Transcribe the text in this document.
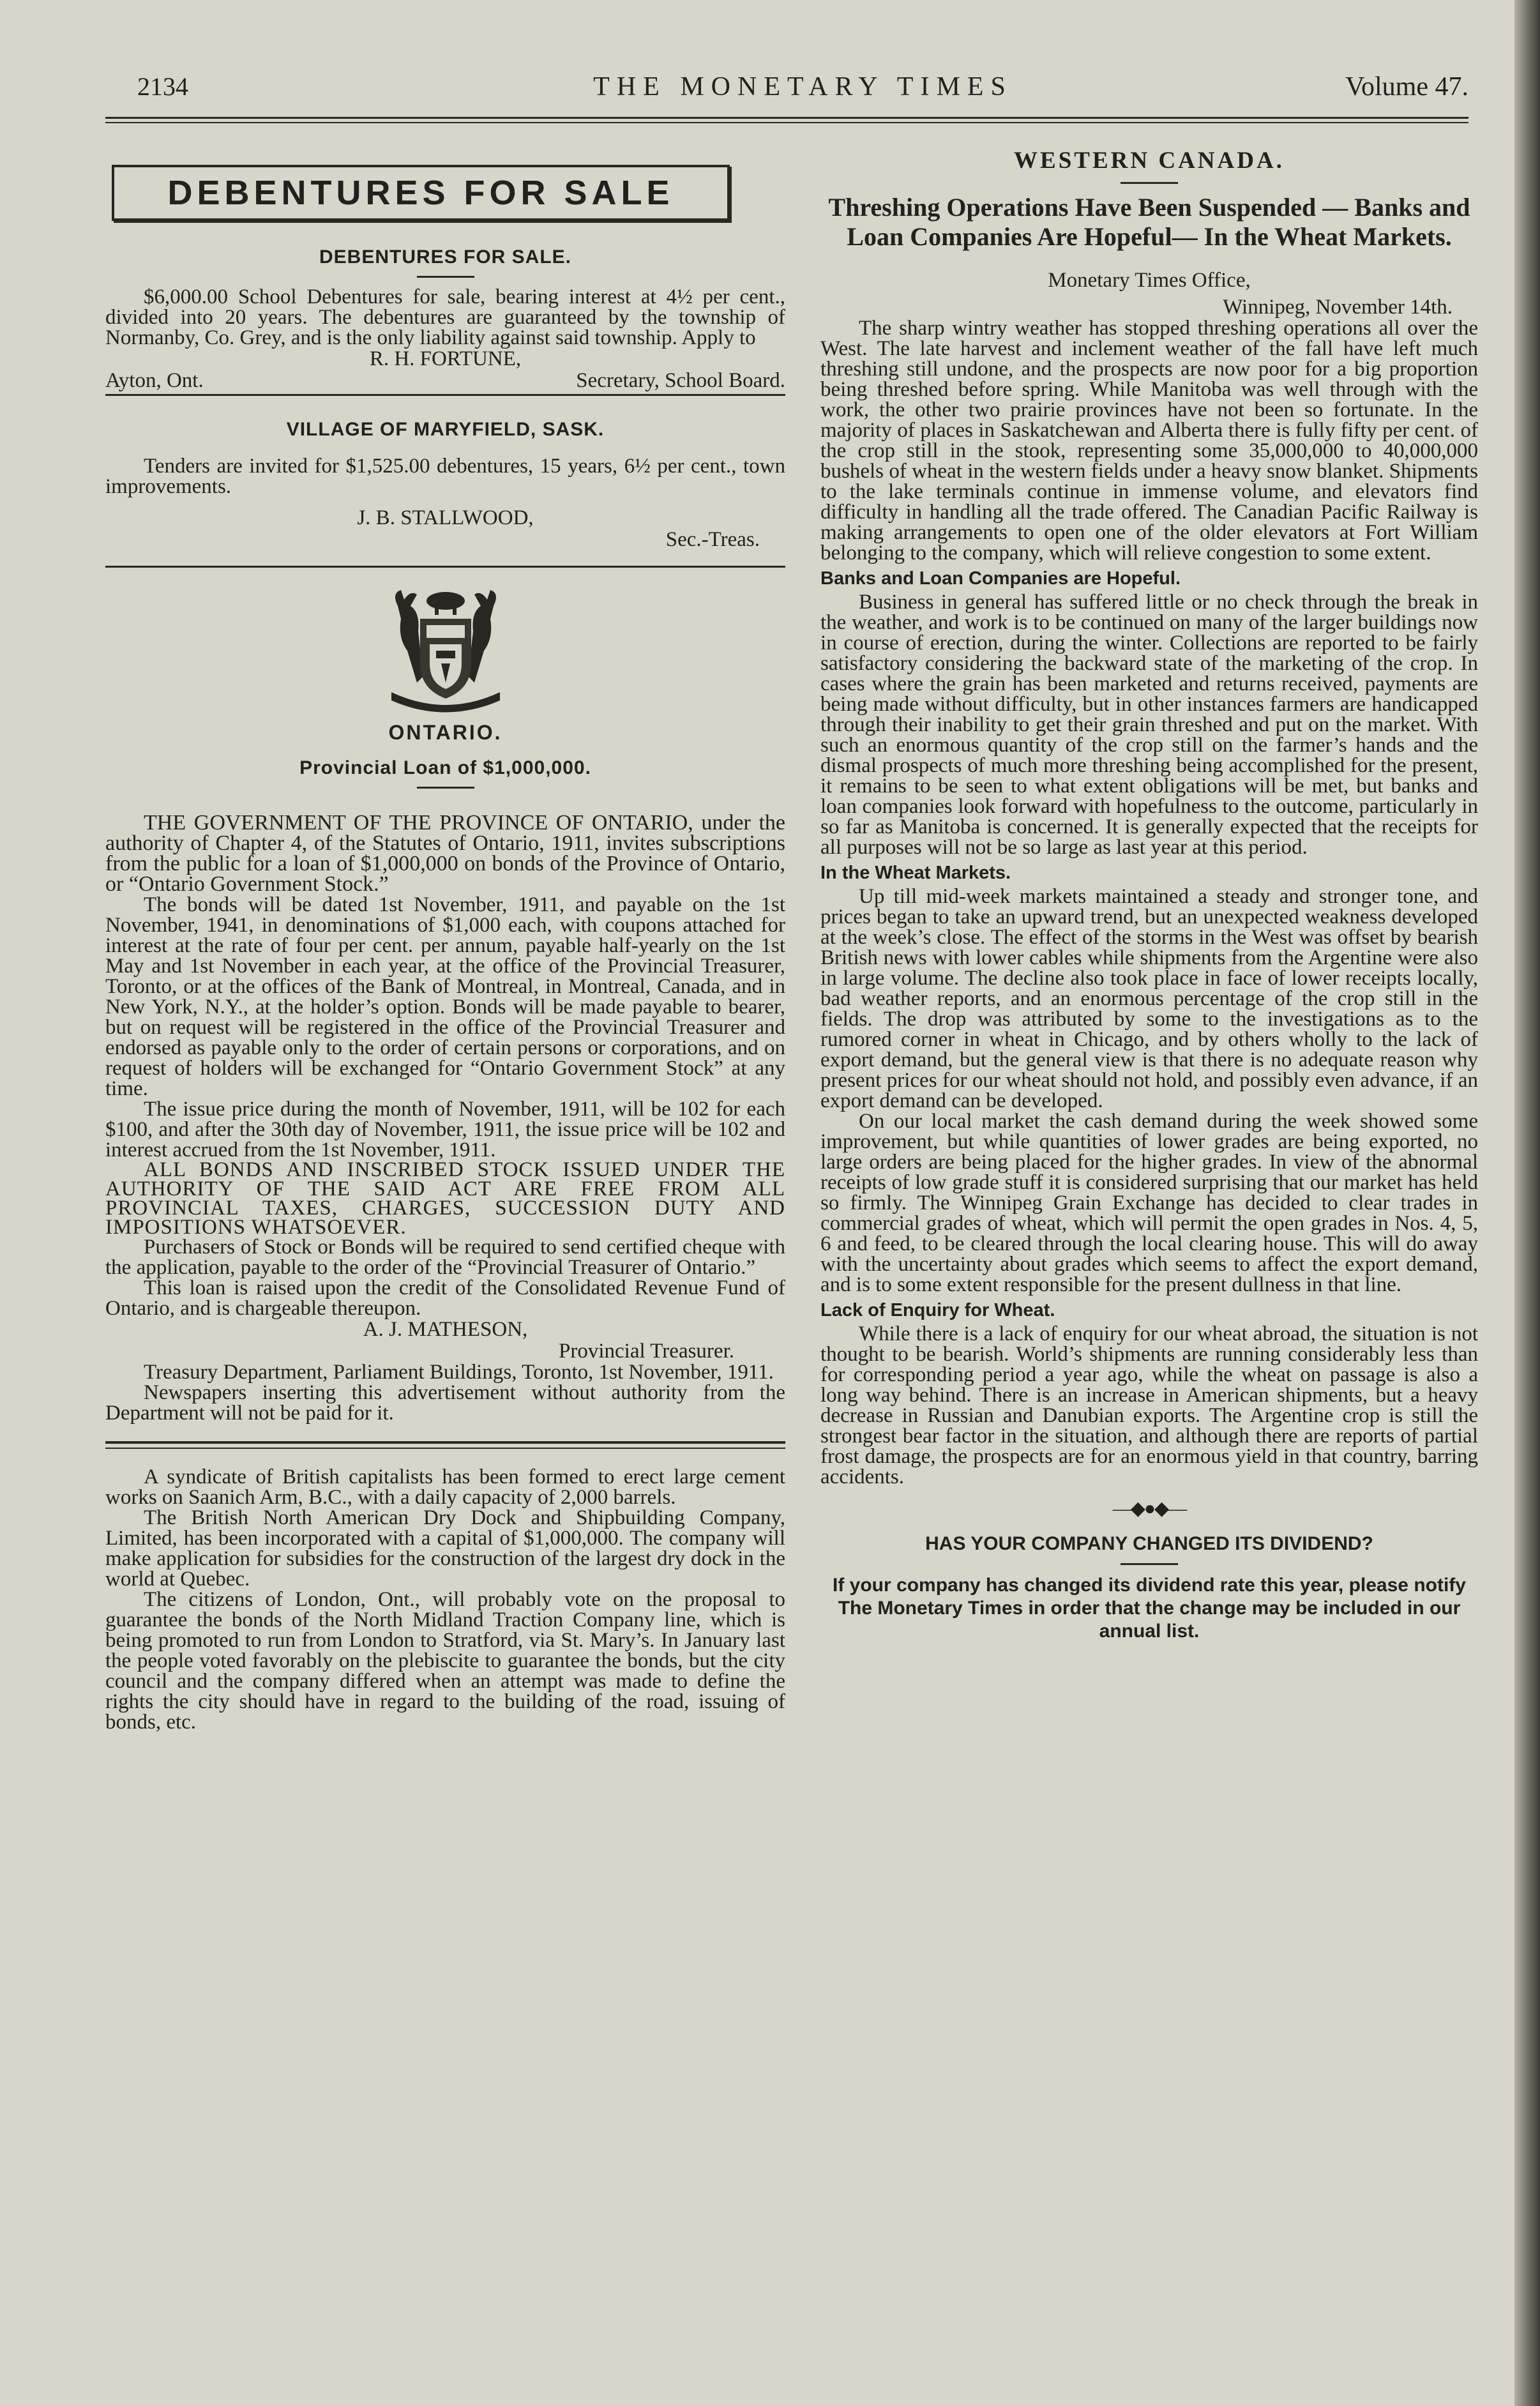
2134	THE MONETARY TIMES	Volume 47.
DEBENTURES FOR SALE
DEBENTURES FOR SALE.

$6,000.00 School Debentures for sale, bearing interest at 4½ per cent., divided into 20 years. The debentures are guaranteed by the township of Normanby, Co. Grey, and is the only liability against said township. Apply to

R. H. FORTUNE,

Ayton, Ont.	Secretary, School Board.
VILLAGE OF MARYFIELD, SASK.

Tenders are invited for $1,525.00 debentures, 15 years, 6½ per cent., town improvements.

J. B. STALLWOOD,

Sec.-Treas.

ONTARIO.
Provincial Loan of $1,000,000.

THE GOVERNMENT OF THE PROVINCE OF ONTARIO, under the authority of Chapter 4, of the Statutes of Ontario, 1911, invites subscriptions from the public for a loan of $1,000,000 on bonds of the Province of Ontario, or “Ontario Government Stock.”

The bonds will be dated 1st November, 1911, and payable on the 1st November, 1941, in denominations of $1,000 each, with coupons attached for interest at the rate of four per cent. per annum, payable half-yearly on the 1st May and 1st November in each year, at the office of the Provincial Treasurer, Toronto, or at the offices of the Bank of Montreal, in Montreal, Canada, and in New York, N.Y., at the holder’s option. Bonds will be made payable to bearer, but on request will be registered in the office of the Provincial Treasurer and endorsed as payable only to the order of certain persons or corporations, and on request of holders will be exchanged for “Ontario Government Stock” at any time.

The issue price during the month of November, 1911, will be 102 for each $100, and after the 30th day of November, 1911, the issue price will be 102 and interest accrued from the 1st November, 1911.

ALL BONDS AND INSCRIBED STOCK ISSUED UNDER THE AUTHORITY OF THE SAID ACT ARE FREE FROM ALL PROVINCIAL TAXES, CHARGES, SUCCESSION DUTY AND IMPOSITIONS WHATSOEVER.

Purchasers of Stock or Bonds will be required to send certified cheque with the application, payable to the order of the “Provincial Treasurer of Ontario.”

This loan is raised upon the credit of the Consolidated Revenue Fund of Ontario, and is chargeable thereupon.

A. J. MATHESON,

Provincial Treasurer.

Treasury Department, Parliament Buildings, Toronto, 1st November, 1911.

Newspapers inserting this advertisement without authority from the Department will not be paid for it.

A syndicate of British capitalists has been formed to erect large cement works on Saanich Arm, B.C., with a daily capacity of 2,000 barrels.

The British North American Dry Dock and Shipbuilding Company, Limited, has been incorporated with a capital of $1,000,000. The company will make application for subsidies for the construction of the largest dry dock in the world at Quebec.

The citizens of London, Ont., will probably vote on the proposal to guarantee the bonds of the North Midland Traction Company line, which is being promoted to run from London to Stratford, via St. Mary’s. In January last the people voted favorably on the plebiscite to guarantee the bonds, but the city council and the company differed when an attempt was made to define the rights the city should have in regard to the building of the road, issuing of bonds, etc.

WESTERN CANADA.
Threshing Operations Have Been Suspended — Banks and Loan Companies Are Hopeful— In the Wheat Markets.

Monetary Times Office,

Winnipeg, November 14th.

The sharp wintry weather has stopped threshing operations all over the West. The late harvest and inclement weather of the fall have left much threshing still undone, and the prospects are now poor for a big proportion being threshed before spring. While Manitoba was well through with the work, the other two prairie provinces have not been so fortunate. In the majority of places in Saskatchewan and Alberta there is fully fifty per cent. of the crop still in the stook, representing some 35,000,000 to 40,000,000 bushels of wheat in the western fields under a heavy snow blanket. Shipments to the lake terminals continue in immense volume, and elevators find difficulty in handling all the trade offered. The Canadian Pacific Railway is making arrangements to open one of the older elevators at Fort William belonging to the company, which will relieve congestion to some extent.

Banks and Loan Companies are Hopeful.

Business in general has suffered little or no check through the break in the weather, and work is to be continued on many of the larger buildings now in course of erection, during the winter. Collections are reported to be fairly satisfactory considering the backward state of the marketing of the crop. In cases where the grain has been marketed and returns received, payments are being made without difficulty, but in other instances farmers are handicapped through their inability to get their grain threshed and put on the market. With such an enormous quantity of the crop still on the farmer’s hands and the dismal prospects of much more threshing being accomplished for the present, it remains to be seen to what extent obligations will be met, but banks and loan companies look forward with hopefulness to the outcome, particularly in so far as Manitoba is concerned. It is generally expected that the receipts for all purposes will not be so large as last year at this period.

In the Wheat Markets.

Up till mid-week markets maintained a steady and stronger tone, and prices began to take an upward trend, but an unexpected weakness developed at the week’s close. The effect of the storms in the West was offset by bearish British news with lower cables while shipments from the Argentine were also in large volume. The decline also took place in face of lower receipts locally, bad weather reports, and an enormous percentage of the crop still in the fields. The drop was attributed by some to the investigations as to the rumored corner in wheat in Chicago, and by others wholly to the lack of export demand, but the general view is that there is no adequate reason why present prices for our wheat should not hold, and possibly even advance, if an export demand can be developed.

On our local market the cash demand during the week showed some improvement, but while quantities of lower grades are being exported, no large orders are being placed for the higher grades. In view of the abnormal receipts of low grade stuff it is considered surprising that our market has held so firmly. The Winnipeg Grain Exchange has decided to clear trades in commercial grades of wheat, which will permit the open grades in Nos. 4, 5, 6 and feed, to be cleared through the local clearing house. This will do away with the uncertainty about grades which seems to affect the export demand, and is to some extent responsible for the present dullness in that line.

Lack of Enquiry for Wheat.

While there is a lack of enquiry for our wheat abroad, the situation is not thought to be bearish. World’s shipments are running considerably less than for corresponding period a year ago, while the wheat on passage is also a long way behind. There is an increase in American shipments, but a heavy decrease in Russian and Danubian exports. The Argentine crop is still the strongest bear factor in the situation, and although there are reports of partial frost damage, the prospects are for an enormous yield in that country, barring accidents.

—◆●◆—
HAS YOUR COMPANY CHANGED ITS DIVIDEND?
If your company has changed its dividend rate this year, please notify The Monetary Times in order that the change may be included in our annual list.
